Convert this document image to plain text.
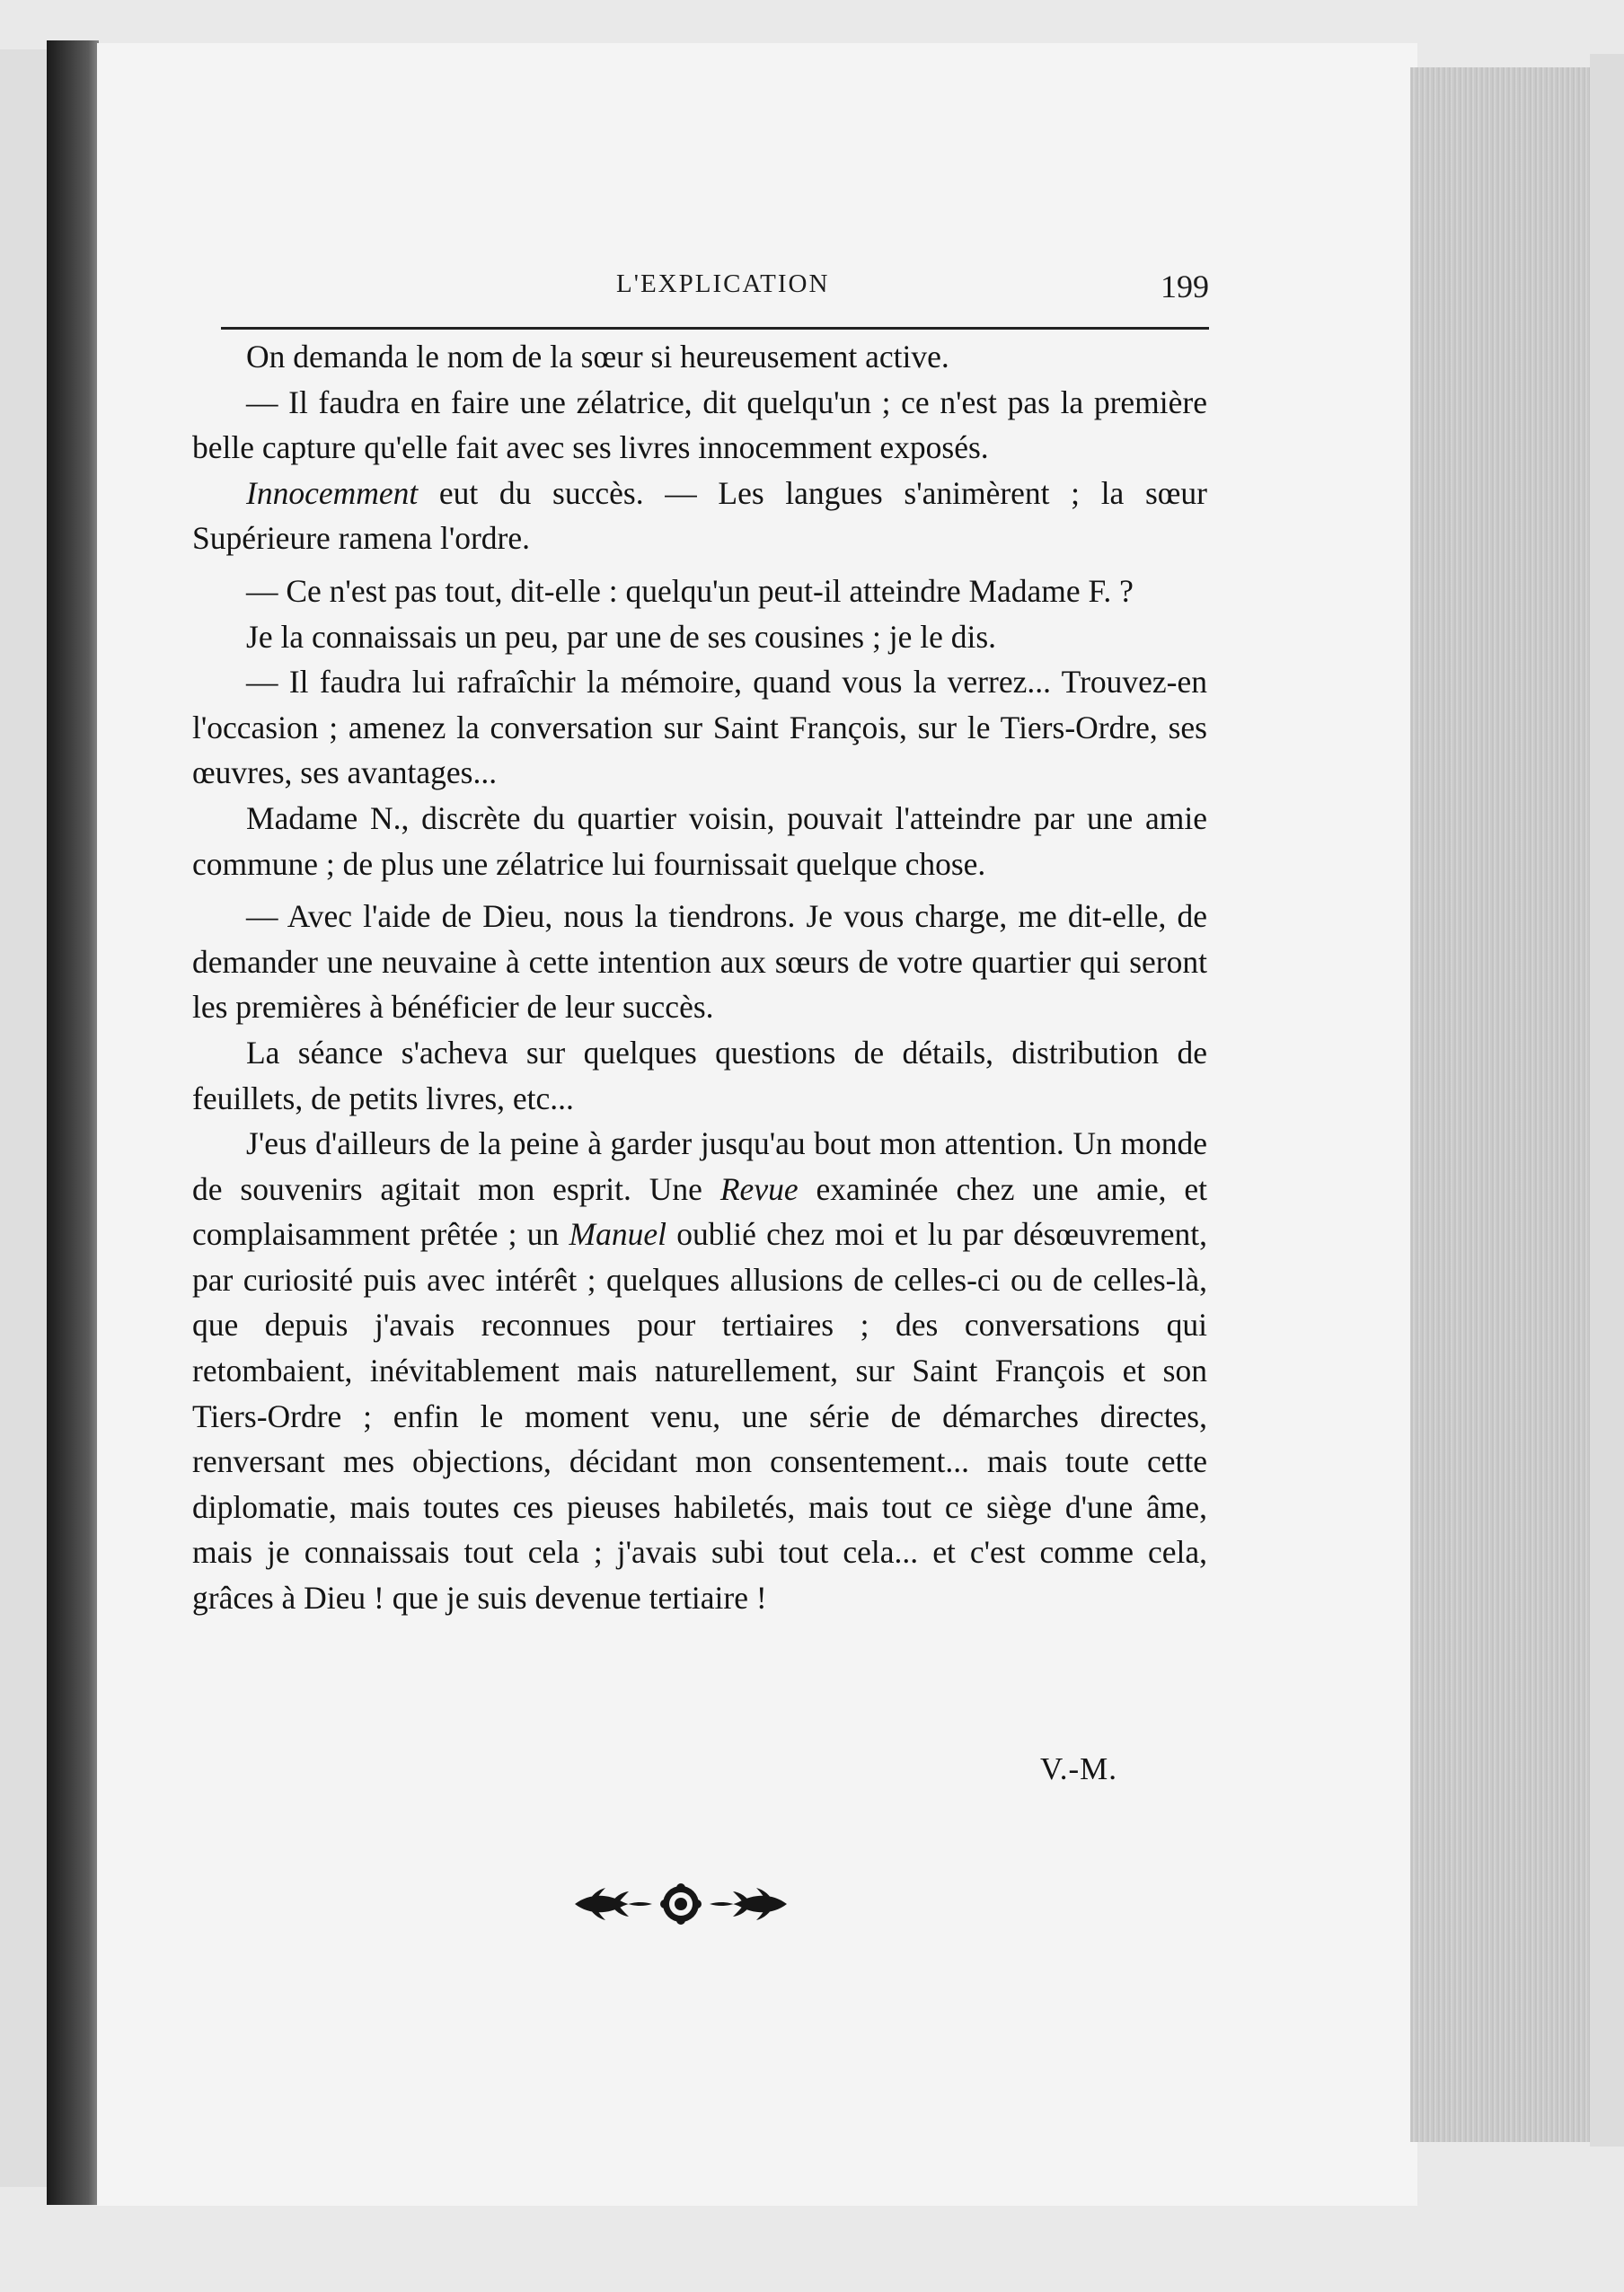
L'EXPLICATION	199

On demanda le nom de la sœur si heureusement active.

— Il faudra en faire une zélatrice, dit quelqu'un ; ce n'est pas la première belle capture qu'elle fait avec ses livres innocemment exposés.

Innocemment eut du succès. — Les langues s'animèrent ; la sœur Supérieure ramena l'ordre.

— Ce n'est pas tout, dit-elle : quelqu'un peut-il atteindre Madame F. ?

Je la connaissais un peu, par une de ses cousines ; je le dis.

— Il faudra lui rafraîchir la mémoire, quand vous la verrez... Trouvez-en l'occasion ; amenez la conversation sur Saint François, sur le Tiers-Ordre, ses œuvres, ses avantages...

Madame N., discrète du quartier voisin, pouvait l'atteindre par une amie commune ; de plus une zélatrice lui fournissait quelque chose.

— Avec l'aide de Dieu, nous la tiendrons. Je vous charge, me dit-elle, de demander une neuvaine à cette intention aux sœurs de votre quartier qui seront les premières à bénéficier de leur succès.

La séance s'acheva sur quelques questions de détails, distribution de feuillets, de petits livres, etc...

J'eus d'ailleurs de la peine à garder jusqu'au bout mon attention. Un monde de souvenirs agitait mon esprit. Une Revue examinée chez une amie, et complaisamment prêtée ; un Manuel oublié chez moi et lu par désœuvrement, par curiosité puis avec intérêt ; quelques allusions de celles-ci ou de celles-là, que depuis j'avais reconnues pour tertiaires ; des conversations qui retombaient, inévitablement mais naturellement, sur Saint François et son Tiers-Ordre ; enfin le moment venu, une série de démarches directes, renversant mes objections, décidant mon consentement... mais toute cette diplomatie, mais toutes ces pieuses habiletés, mais tout ce siège d'une âme, mais je connaissais tout cela ; j'avais subi tout cela... et c'est comme cela, grâces à Dieu ! que je suis devenue tertiaire !

V.-M.
